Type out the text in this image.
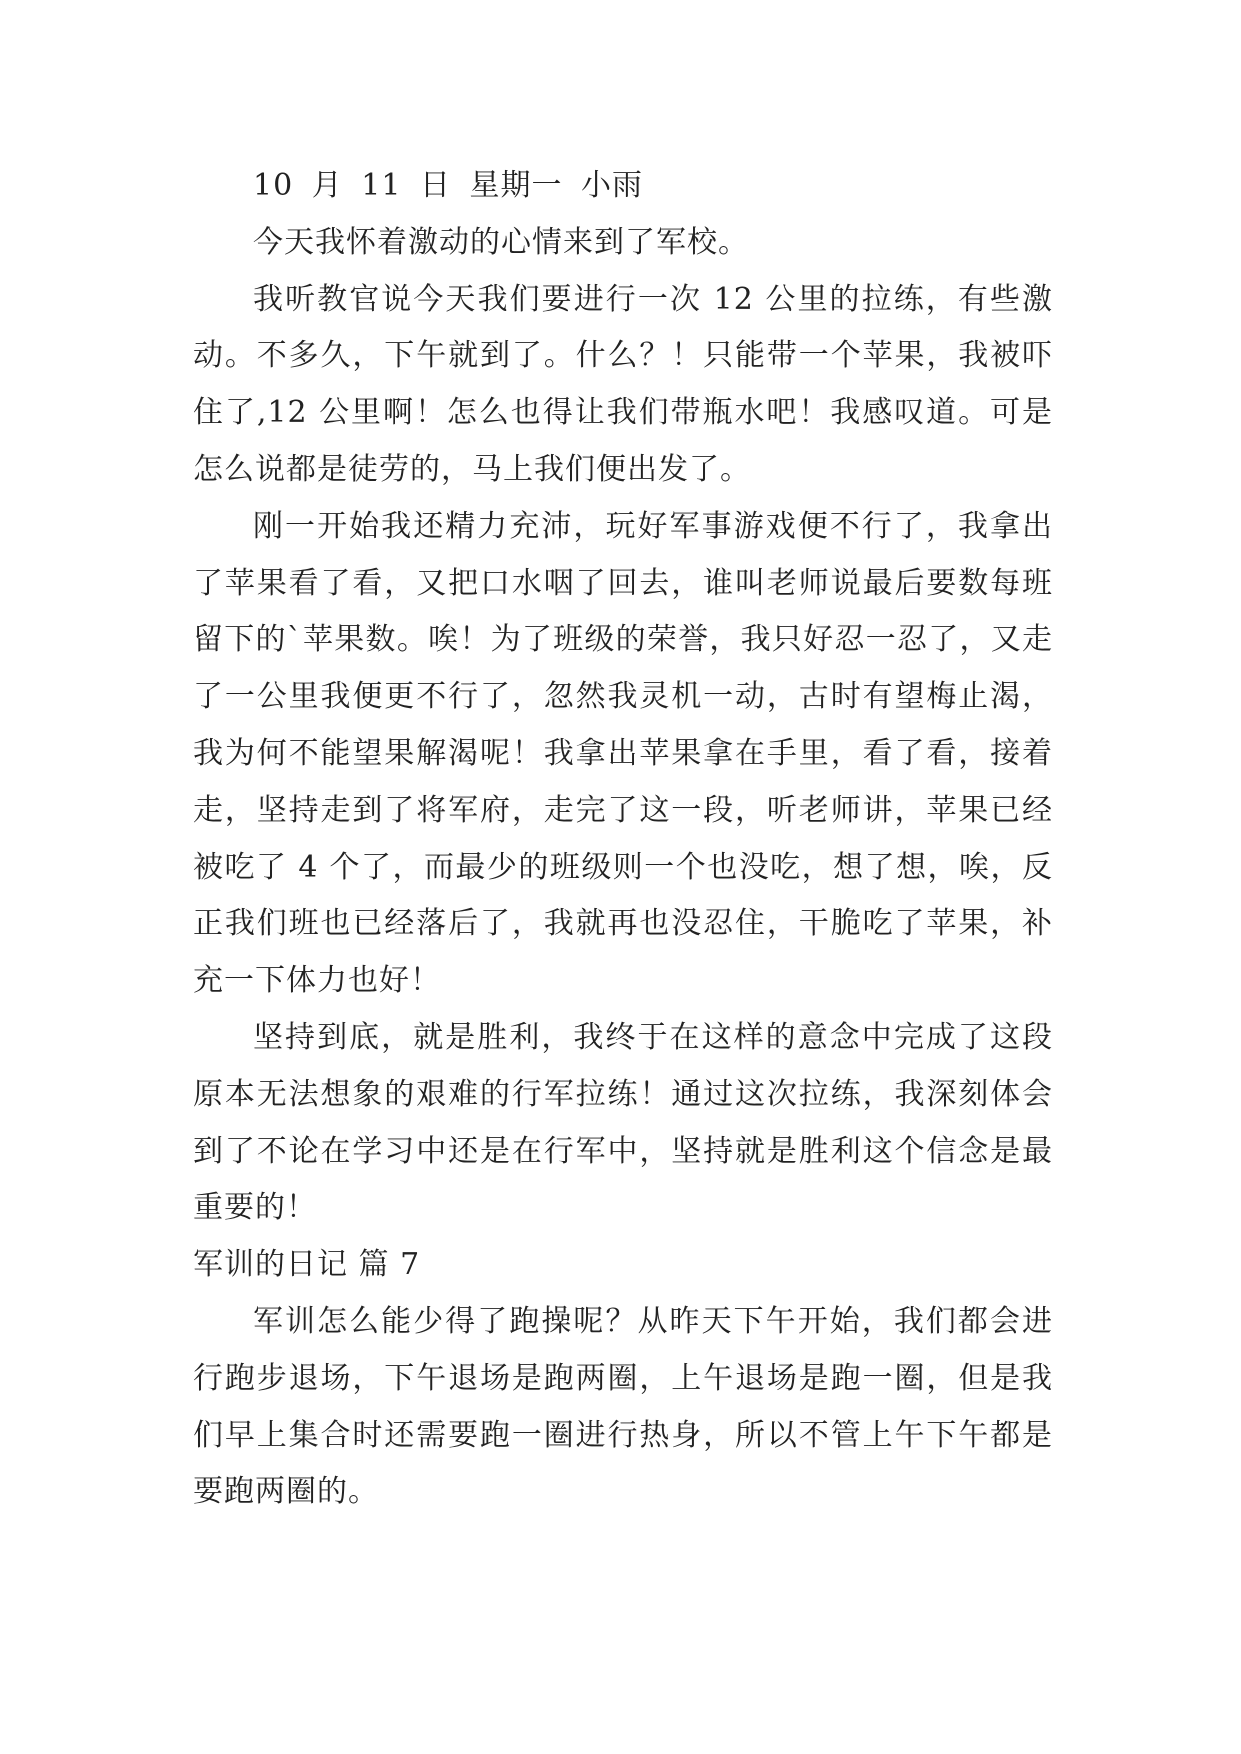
10 月 11 日 星期一 小雨

今天我怀着激动的心情来到了军校。

我听教官说今天我们要进行一次 12 公里的拉练，有些激动。不多久，下午就到了。什么？！只能带一个苹果，我被吓住了,12 公里啊！怎么也得让我们带瓶水吧！我感叹道。可是怎么说都是徒劳的，马上我们便出发了。

刚一开始我还精力充沛，玩好军事游戏便不行了，我拿出了苹果看了看，又把口水咽了回去，谁叫老师说最后要数每班留下的`苹果数。唉！为了班级的荣誉，我只好忍一忍了，又走了一公里我便更不行了，忽然我灵机一动，古时有望梅止渴，我为何不能望果解渴呢！我拿出苹果拿在手里，看了看，接着走，坚持走到了将军府，走完了这一段，听老师讲，苹果已经被吃了 4 个了，而最少的班级则一个也没吃，想了想，唉，反正我们班也已经落后了，我就再也没忍住，干脆吃了苹果，补充一下体力也好！

坚持到底，就是胜利，我终于在这样的意念中完成了这段原本无法想象的艰难的行军拉练！通过这次拉练，我深刻体会到了不论在学习中还是在行军中，坚持就是胜利这个信念是最重要的！

军训的日记 篇 7

军训怎么能少得了跑操呢？从昨天下午开始，我们都会进行跑步退场，下午退场是跑两圈，上午退场是跑一圈，但是我们早上集合时还需要跑一圈进行热身，所以不管上午下午都是要跑两圈的。
